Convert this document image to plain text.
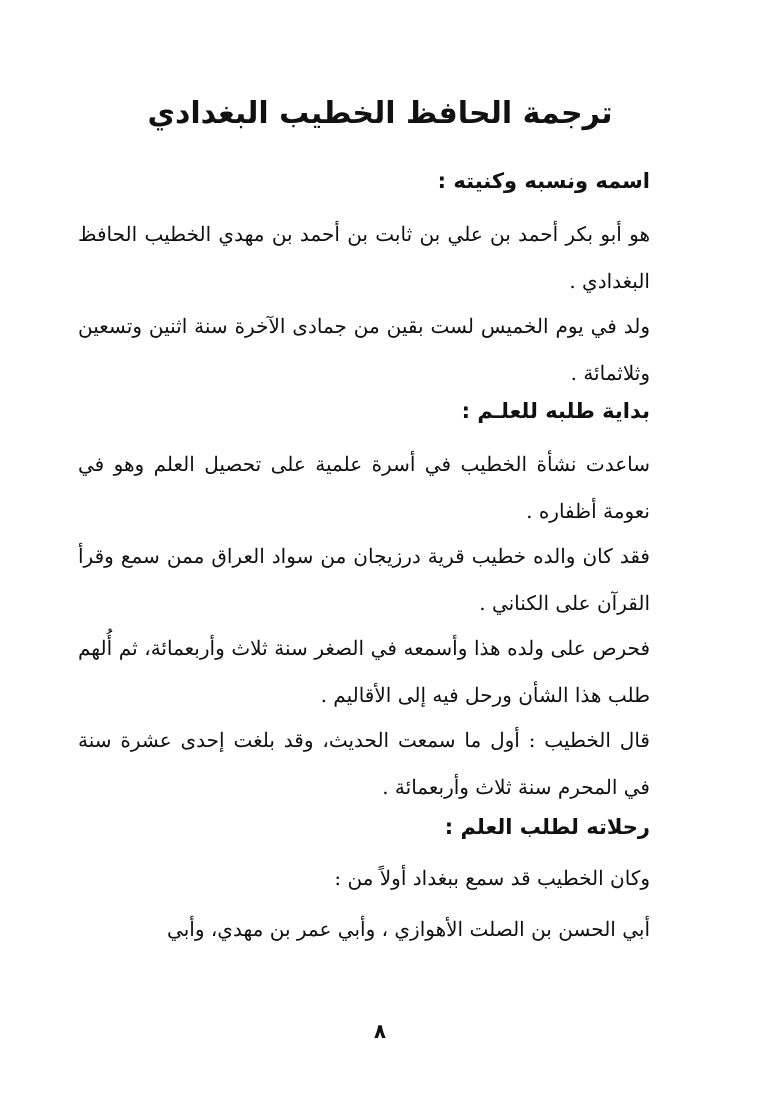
ترجمة الحافظ الخطيب البغدادي
اسمه ونسبه وكنيته :
هو أبو بكر أحمد بن علي بن ثابت بن أحمد بن مهدي الخطيب الحافظ البغدادي .
ولد في يوم الخميس لست بقين من جمادى الآخرة سنة اثنين وتسعين وثلاثمائة .
بداية طلبه للعلـم :
ساعدت نشأة الخطيب في أسرة علمية على تحصيل العلم وهو في نعومة أظفاره .
فقد كان والده خطيب قرية درزيجان من سواد العراق ممن سمع وقرأ القرآن على الكناني .
فحرص على ولده هذا وأسمعه في الصغر سنة ثلاث وأربعمائة، ثم أُلهم طلب هذا الشأن ورحل فيه إلى الأقاليم .
قال الخطيب : أول ما سمعت الحديث، وقد بلغت إحدى عشرة سنة في المحرم سنة ثلاث وأربعمائة .
رحلاته لطلب العلم :
وكان الخطيب قد سمع ببغداد أولاً من :
أبي الحسن بن الصلت الأهوازي ، وأبي عمر بن مهدي، وأبي
٨
